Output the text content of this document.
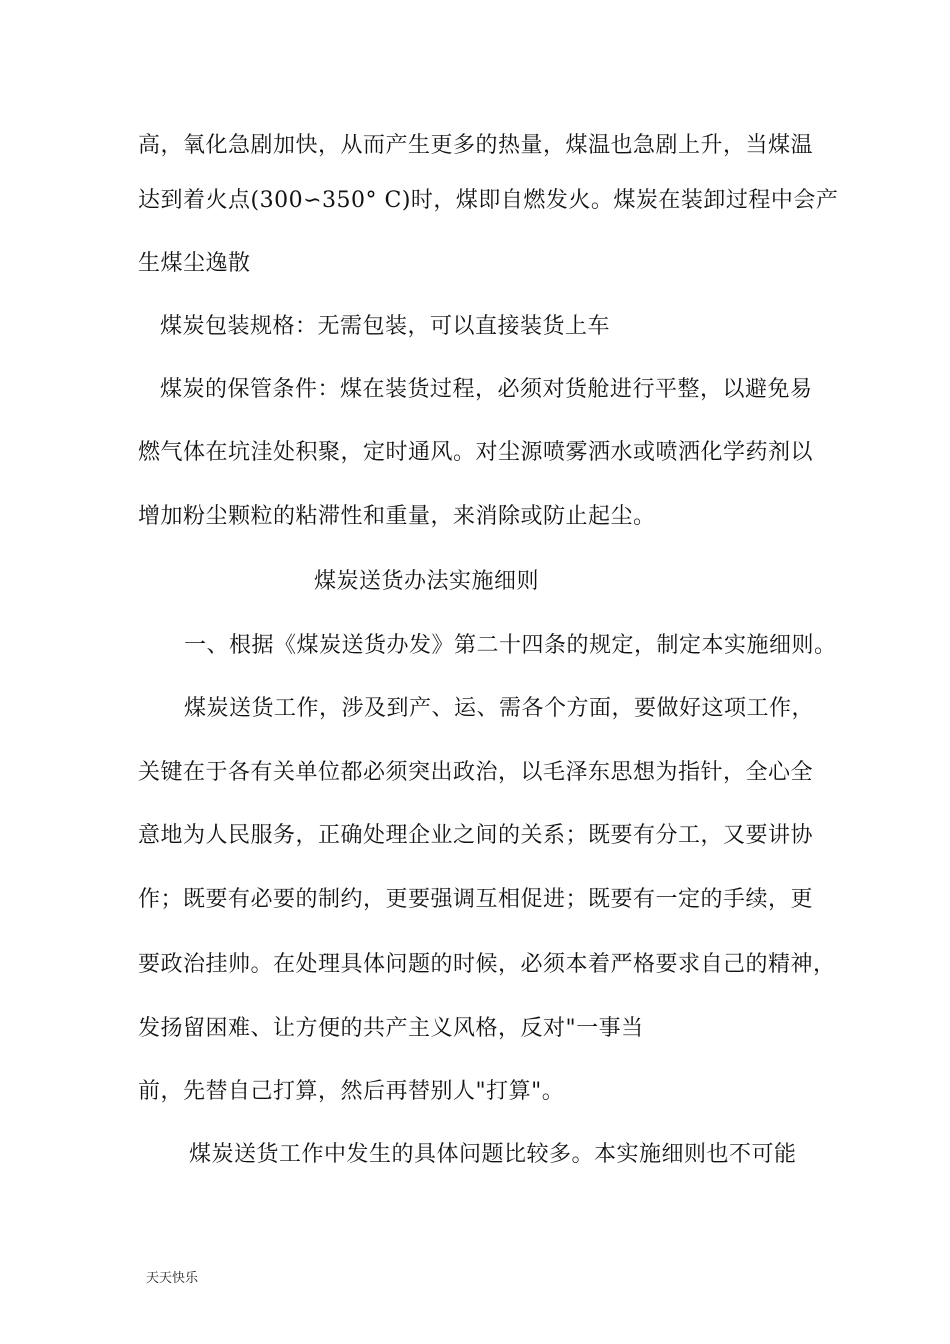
高，氧化急剧加快，从而产生更多的热量，煤温也急剧上升，当煤温
达到着火点(300∽350° C)时，煤即自燃发火。煤炭在装卸过程中会产
生煤尘逸散
煤炭包装规格：无需包装，可以直接装货上车
煤炭的保管条件：煤在装货过程，必须对货舱进行平整，以避免易
燃气体在坑洼处积聚，定时通风。对尘源喷雾洒水或喷洒化学药剂以
增加粉尘颗粒的粘滞性和重量，来消除或防止起尘。
煤炭送货办法实施细则
一、根据《煤炭送货办发》第二十四条的规定，制定本实施细则。
煤炭送货工作，涉及到产、运、需各个方面，要做好这项工作，
关键在于各有关单位都必须突出政治，以毛泽东思想为指针，全心全
意地为人民服务，正确处理企业之间的关系；既要有分工，又要讲协
作；既要有必要的制约，更要强调互相促进；既要有一定的手续，更
要政治挂帅。在处理具体问题的时候，必须本着严格要求自己的精神，
发扬留困难、让方便的共产主义风格，反对"一事当
前，先替自己打算，然后再替别人"打算"。
煤炭送货工作中发生的具体问题比较多。本实施细则也不可能
天天快乐
